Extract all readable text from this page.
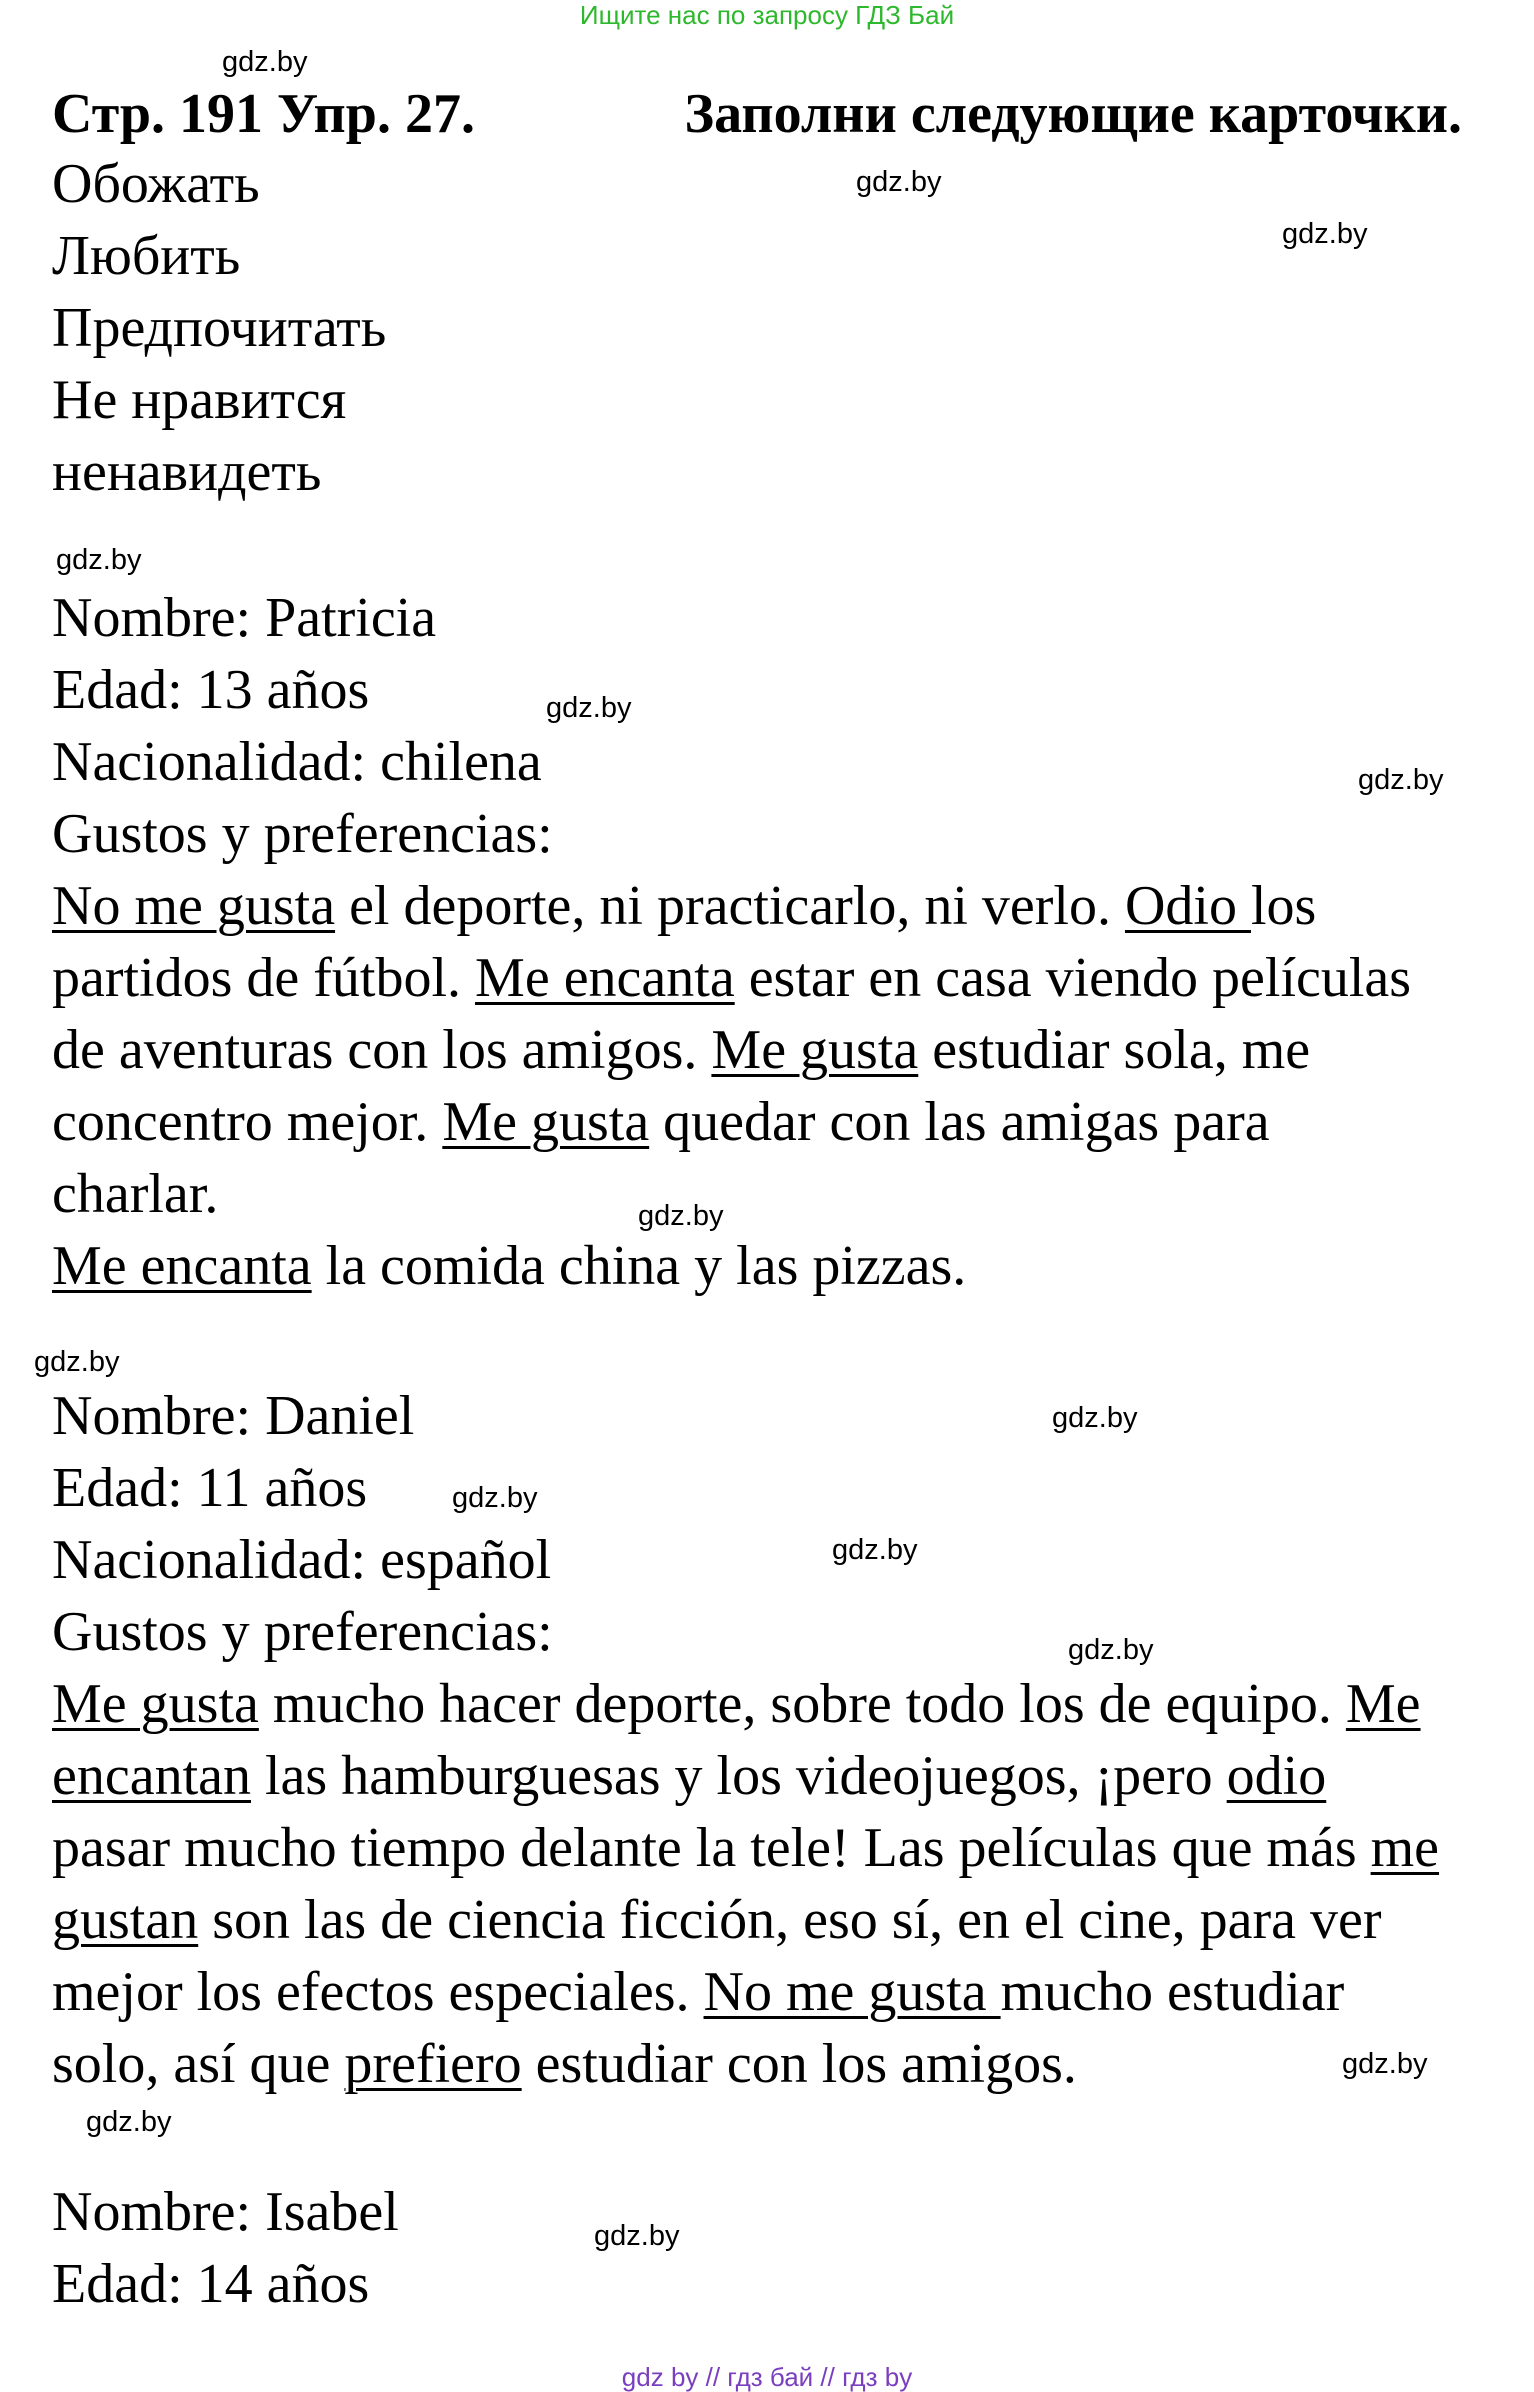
Ищите нас по запросу ГДЗ Бай
gdz.by
gdz.by
gdz.by
gdz.by
gdz.by
gdz.by
gdz.by
gdz.by
gdz.by
gdz.by
gdz.by
gdz.by
gdz.by
gdz.by
gdz.by
Стр. 191 Упр. 27.	Заполни следующие карточки.
Обожать
Любить
Предпочитать
Не нравится
ненавидеть
Nombre: Patricia
Edad: 13 años
Nacionalidad: chilena
Gustos y preferencias:
No me gusta el deporte, ni practicarlo, ni verlo. Odio los
partidos de fútbol. Me encanta estar en casa viendo películas
de aventuras con los amigos. Me gusta estudiar sola, me
concentro mejor. Me gusta quedar con las amigas para
charlar.
Me encanta la comida china y las pizzas.
Nombre: Daniel
Edad: 11 años
Nacionalidad: español
Gustos y preferencias:
Me gusta mucho hacer deporte, sobre todo los de equipo. Me
encantan las hamburguesas y los videojuegos, ¡pero odio
pasar mucho tiempo delante la tele! Las películas que más me
gustan son las de ciencia ficción, eso sí, en el cine, para ver
mejor los efectos especiales. No me gusta mucho estudiar
solo, así que prefiero estudiar con los amigos.
Nombre: Isabel
Edad: 14 años
gdz by // гдз бай // гдз by
